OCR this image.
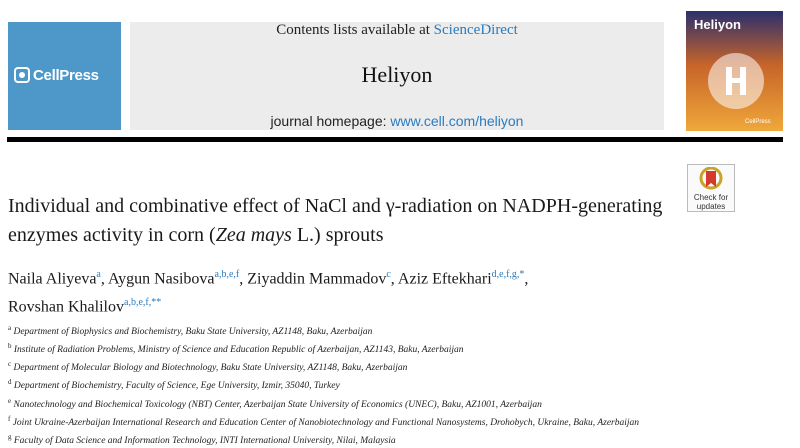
CellPress
Contents lists available at ScienceDirect
Heliyon
journal homepage: www.cell.com/heliyon
Heliyon
CellPress
Check for updates
Individual and combinative effect of NaCl and γ-radiation on NADPH-generating enzymes activity in corn (Zea mays L.) sprouts
Naila Aliyeva$^a$, Aygun Nasibova$^{a,b,e,f}$, Ziyaddin Mammadov$^c$, Aziz Eftekhari$^{d,e,f,g,*}$,
Rovshan Khalilov$^{a,b,e,f,**}$
$^a$ Department of Biophysics and Biochemistry, Baku State University, AZ1148, Baku, Azerbaijan
$^b$ Institute of Radiation Problems, Ministry of Science and Education Republic of Azerbaijan, AZ1143, Baku, Azerbaijan
$^c$ Department of Molecular Biology and Biotechnology, Baku State University, AZ1148, Baku, Azerbaijan
$^d$ Department of Biochemistry, Faculty of Science, Ege University, Izmir, 35040, Turkey
$^e$ Nanotechnology and Biochemical Toxicology (NBT) Center, Azerbaijan State University of Economics (UNEC), Baku, AZ1001, Azerbaijan
$^f$ Joint Ukraine-Azerbaijan International Research and Education Center of Nanobiotechnology and Functional Nanosystems, Drohobych, Ukraine, Baku, Azerbaijan
$^g$ Faculty of Data Science and Information Technology, INTI International University, Nilai, Malaysia
